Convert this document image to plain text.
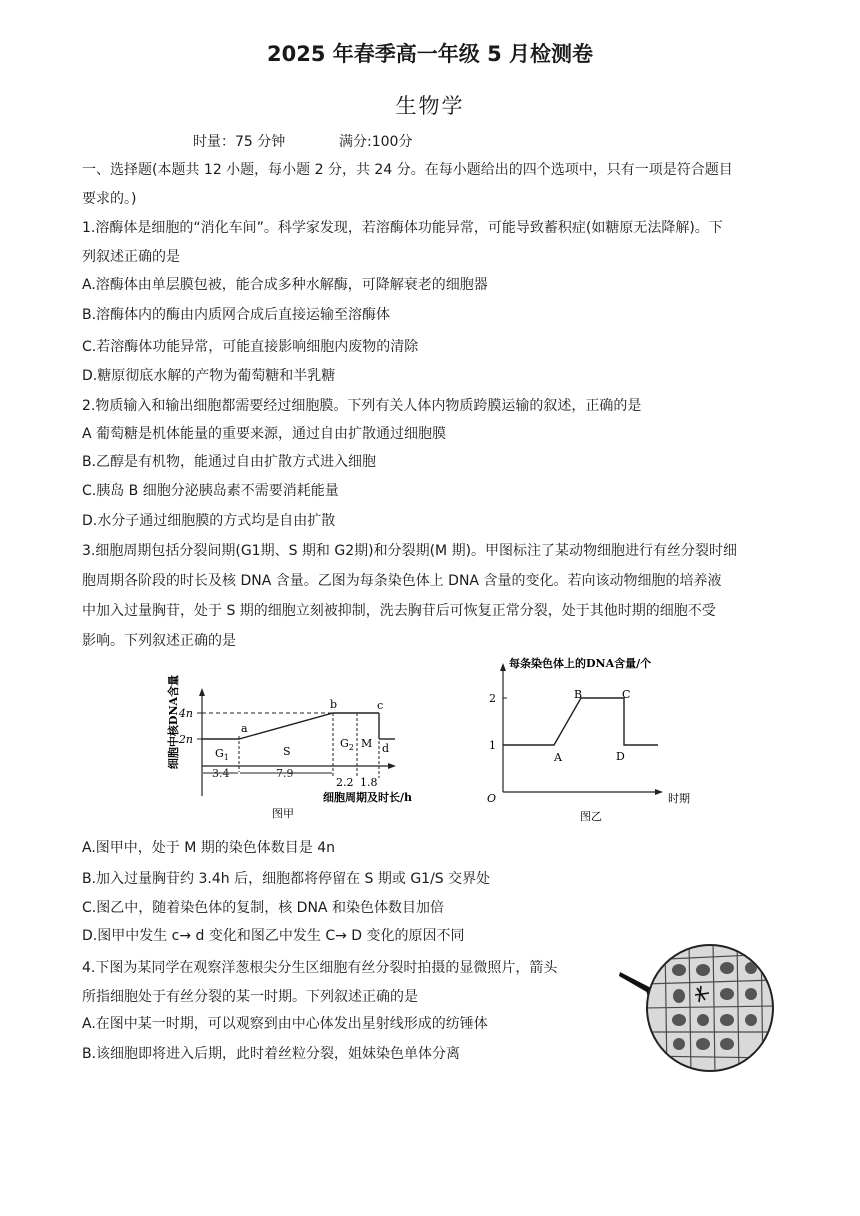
2025 年春季高一年级 5 月检测卷
生物学
时量：75 分钟	满分:100分
一、选择题(本题共 12 小题，每小题 2 分，共 24 分。在每小题给出的四个选项中，只有一项是符合题目
要求的。)
1.溶酶体是细胞的“消化车间”。科学家发现，若溶酶体功能异常，可能导致蓄积症(如糖原无法降解)。下
列叙述正确的是
A.溶酶体由单层膜包被，能合成多种水解酶，可降解衰老的细胞器
B.溶酶体内的酶由内质网合成后直接运输至溶酶体
C.若溶酶体功能异常，可能直接影响细胞内废物的清除
D.糖原彻底水解的产物为葡萄糖和半乳糖
2.物质输入和输出细胞都需要经过细胞膜。下列有关人体内物质跨膜运输的叙述，正确的是
A 葡萄糖是机体能量的重要来源，通过自由扩散通过细胞膜
B.乙醇是有机物，能通过自由扩散方式进入细胞
C.胰岛 B 细胞分泌胰岛素不需要消耗能量
D.水分子通过细胞膜的方式均是自由扩散
3.细胞周期包括分裂间期(G1期、S 期和 G2期)和分裂期(M 期)。甲图标注了某动物细胞进行有丝分裂时细
胞周期各阶段的时长及核 DNA 含量。乙图为每条染色体上 DNA 含量的变化。若向该动物细胞的培养液
中加入过量胸苷，处于 S 期的细胞立刻被抑制，洗去胸苷后可恢复正常分裂，处于其他时期的细胞不受
影响。下列叙述正确的是
细胞中核DNA含量
4n
2n
a
b	c
d
$G_1$	S
$G_2$ M
3.4	7.9
2.2 1.8
细胞周期及时长/h
图甲
每条染色体上的DNA含量/个
2
1
O
A
B	C
D
时期
图乙
A.图甲中，处于 M 期的染色体数目是 4n
B.加入过量胸苷约 3.4h 后，细胞都将停留在 S 期或 G1/S 交界处
C.图乙中，随着染色体的复制，核 DNA 和染色体数目加倍
D.图甲中发生 c→ d 变化和图乙中发生 C→ D 变化的原因不同
4.下图为某同学在观察洋葱根尖分生区细胞有丝分裂时拍摄的显微照片，箭头
所指细胞处于有丝分裂的某一时期。下列叙述正确的是
A.在图中某一时期，可以观察到由中心体发出星射线形成的纺锤体
B.该细胞即将进入后期，此时着丝粒分裂，姐妹染色单体分离
